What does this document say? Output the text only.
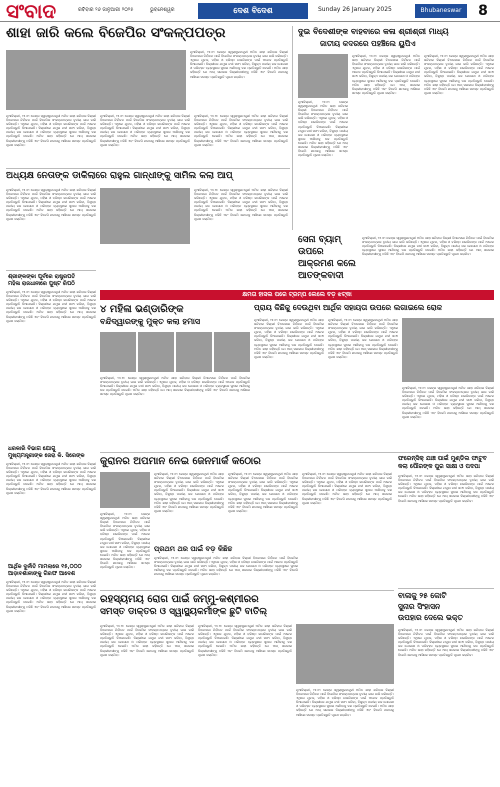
ସଂବାଦ	ରବିବାର ୨୬ ଜାନୁଆରୀ ୨୦୨୫	ଭୁବନେଶ୍ୱର	ଦେଶ ବିଦେଶ	Sunday 26 January 2025	Bhubaneswar	8
ଶାହା ଜାରି କଲେ ବିଜେପିର ସଂକଳ୍ପପତ୍ର
ନୂଆଦିଲ୍ଲୀ, ୨୫।୧: କେନ୍ଦ୍ର ସ୍ୱରାଷ୍ଟ୍ରମନ୍ତ୍ରୀ ଅମିତ ଶାହା ଶନିବାର ଦିଲ୍ଲୀ ବିଧାନସଭା ନିର୍ବାଚନ ପାଇଁ ବିଜେପିର ସଂକଳ୍ପପତ୍ରର ତୃତୀୟ ଭାଗ ଜାରି କରିଛନ୍ତି। ଏଥିରେ ଯୁବକ, ମହିଳା ଓ ବରିଷ୍ଠ ନାଗରିକଙ୍କ ପାଇଁ ଅନେକ ପ୍ରତିଶ୍ରୁତି ଦିଆଯାଇଛି। ଦିଲ୍ଲୀରେ ଯମୁନା ନଦୀ ସଫା କରିବା, ବିଶୁଦ୍ଧ ପାନୀୟ ଜଳ ଯୋଗାଣ ଓ ପରିବହନ ବ୍ୟବସ୍ଥାରେ ସୁଧାର ଆଣିବାକୁ ଦଳ ପ୍ରତିଶ୍ରୁତି ଦେଇଛି। ଅମିତ ଶାହା କହିଛନ୍ତି ଯେ ଆପ୍‌ ସରକାର ଦିଲ୍ଲୀବାସୀଙ୍କୁ ଠକିଛି ଏବଂ ବିଜେପି କ୍ଷମତାକୁ ଆସିଲେ ସମସ୍ତ ପ୍ରତିଶ୍ରୁତି ପୂରଣ କରାଯିବ।
ନୂଆଦିଲ୍ଲୀ, ୨୫।୧: କେନ୍ଦ୍ର ସ୍ୱରାଷ୍ଟ୍ରମନ୍ତ୍ରୀ ଅମିତ ଶାହା ଶନିବାର ଦିଲ୍ଲୀ ବିଧାନସଭା ନିର୍ବାଚନ ପାଇଁ ବିଜେପିର ସଂକଳ୍ପପତ୍ରର ତୃତୀୟ ଭାଗ ଜାରି କରିଛନ୍ତି। ଏଥିରେ ଯୁବକ, ମହିଳା ଓ ବରିଷ୍ଠ ନାଗରିକଙ୍କ ପାଇଁ ଅନେକ ପ୍ରତିଶ୍ରୁତି ଦିଆଯାଇଛି। ଦିଲ୍ଲୀରେ ଯମୁନା ନଦୀ ସଫା କରିବା, ବିଶୁଦ୍ଧ ପାନୀୟ ଜଳ ଯୋଗାଣ ଓ ପରିବହନ ବ୍ୟବସ୍ଥାରେ ସୁଧାର ଆଣିବାକୁ ଦଳ ପ୍ରତିଶ୍ରୁତି ଦେଇଛି। ଅମିତ ଶାହା କହିଛନ୍ତି ଯେ ଆପ୍‌ ସରକାର ଦିଲ୍ଲୀବାସୀଙ୍କୁ ଠକିଛି ଏବଂ ବିଜେପି କ୍ଷମତାକୁ ଆସିଲେ ସମସ୍ତ ପ୍ରତିଶ୍ରୁତି ପୂରଣ କରାଯିବ।
ନୂଆଦିଲ୍ଲୀ, ୨୫।୧: କେନ୍ଦ୍ର ସ୍ୱରାଷ୍ଟ୍ରମନ୍ତ୍ରୀ ଅମିତ ଶାହା ଶନିବାର ଦିଲ୍ଲୀ ବିଧାନସଭା ନିର୍ବାଚନ ପାଇଁ ବିଜେପିର ସଂକଳ୍ପପତ୍ରର ତୃତୀୟ ଭାଗ ଜାରି କରିଛନ୍ତି। ଏଥିରେ ଯୁବକ, ମହିଳା ଓ ବରିଷ୍ଠ ନାଗରିକଙ୍କ ପାଇଁ ଅନେକ ପ୍ରତିଶ୍ରୁତି ଦିଆଯାଇଛି। ଦିଲ୍ଲୀରେ ଯମୁନା ନଦୀ ସଫା କରିବା, ବିଶୁଦ୍ଧ ପାନୀୟ ଜଳ ଯୋଗାଣ ଓ ପରିବହନ ବ୍ୟବସ୍ଥାରେ ସୁଧାର ଆଣିବାକୁ ଦଳ ପ୍ରତିଶ୍ରୁତି ଦେଇଛି। ଅମିତ ଶାହା କହିଛନ୍ତି ଯେ ଆପ୍‌ ସରକାର ଦିଲ୍ଲୀବାସୀଙ୍କୁ ଠକିଛି ଏବଂ ବିଜେପି କ୍ଷମତାକୁ ଆସିଲେ ସମସ୍ତ ପ୍ରତିଶ୍ରୁତି ପୂରଣ କରାଯିବ।
ନୂଆଦିଲ୍ଲୀ, ୨୫।୧: କେନ୍ଦ୍ର ସ୍ୱରାଷ୍ଟ୍ରମନ୍ତ୍ରୀ ଅମିତ ଶାହା ଶନିବାର ଦିଲ୍ଲୀ ବିଧାନସଭା ନିର୍ବାଚନ ପାଇଁ ବିଜେପିର ସଂକଳ୍ପପତ୍ରର ତୃତୀୟ ଭାଗ ଜାରି କରିଛନ୍ତି। ଏଥିରେ ଯୁବକ, ମହିଳା ଓ ବରିଷ୍ଠ ନାଗରିକଙ୍କ ପାଇଁ ଅନେକ ପ୍ରତିଶ୍ରୁତି ଦିଆଯାଇଛି। ଦିଲ୍ଲୀରେ ଯମୁନା ନଦୀ ସଫା କରିବା, ବିଶୁଦ୍ଧ ପାନୀୟ ଜଳ ଯୋଗାଣ ଓ ପରିବହନ ବ୍ୟବସ୍ଥାରେ ସୁଧାର ଆଣିବାକୁ ଦଳ ପ୍ରତିଶ୍ରୁତି ଦେଇଛି। ଅମିତ ଶାହା କହିଛନ୍ତି ଯେ ଆପ୍‌ ସରକାର ଦିଲ୍ଲୀବାସୀଙ୍କୁ ଠକିଛି ଏବଂ ବିଜେପି କ୍ଷମତାକୁ ଆସିଲେ ସମସ୍ତ ପ୍ରତିଶ୍ରୁତି ପୂରଣ କରାଯିବ।
ଦୁଇ ବିଦେଶୀଙ୍କ ବାହବାରେ କଳା ଶ୍ରୀଶ୍ରୀ ମାଧ୍ୟ
ଜାତୀୟ କଦରରେ ପହଞ୍ଚିଲେ ୟୁପିଏ
ନୂଆଦିଲ୍ଲୀ, ୨୫।୧: କେନ୍ଦ୍ର ସ୍ୱରାଷ୍ଟ୍ରମନ୍ତ୍ରୀ ଅମିତ ଶାହା ଶନିବାର ଦିଲ୍ଲୀ ବିଧାନସଭା ନିର୍ବାଚନ ପାଇଁ ବିଜେପିର ସଂକଳ୍ପପତ୍ରର ତୃତୀୟ ଭାଗ ଜାରି କରିଛନ୍ତି। ଏଥିରେ ଯୁବକ, ମହିଳା ଓ ବରିଷ୍ଠ ନାଗରିକଙ୍କ ପାଇଁ ଅନେକ ପ୍ରତିଶ୍ରୁତି ଦିଆଯାଇଛି। ଦିଲ୍ଲୀରେ ଯମୁନା ନଦୀ ସଫା କରିବା, ବିଶୁଦ୍ଧ ପାନୀୟ ଜଳ ଯୋଗାଣ ଓ ପରିବହନ ବ୍ୟବସ୍ଥାରେ ସୁଧାର ଆଣିବାକୁ ଦଳ ପ୍ରତିଶ୍ରୁତି ଦେଇଛି। ଅମିତ ଶାହା କହିଛନ୍ତି ଯେ ଆପ୍‌ ସରକାର ଦିଲ୍ଲୀବାସୀଙ୍କୁ ଠକିଛି ଏବଂ ବିଜେପି କ୍ଷମତାକୁ ଆସିଲେ ସମସ୍ତ ପ୍ରତିଶ୍ରୁତି ପୂରଣ କରାଯିବ।
ନୂଆଦିଲ୍ଲୀ, ୨୫।୧: କେନ୍ଦ୍ର ସ୍ୱରାଷ୍ଟ୍ରମନ୍ତ୍ରୀ ଅମିତ ଶାହା ଶନିବାର ଦିଲ୍ଲୀ ବିଧାନସଭା ନିର୍ବାଚନ ପାଇଁ ବିଜେପିର ସଂକଳ୍ପପତ୍ରର ତୃତୀୟ ଭାଗ ଜାରି କରିଛନ୍ତି। ଏଥିରେ ଯୁବକ, ମହିଳା ଓ ବରିଷ୍ଠ ନାଗରିକଙ୍କ ପାଇଁ ଅନେକ ପ୍ରତିଶ୍ରୁତି ଦିଆଯାଇଛି। ଦିଲ୍ଲୀରେ ଯମୁନା ନଦୀ ସଫା କରିବା, ବିଶୁଦ୍ଧ ପାନୀୟ ଜଳ ଯୋଗାଣ ଓ ପରିବହନ ବ୍ୟବସ୍ଥାରେ ସୁଧାର ଆଣିବାକୁ ଦଳ ପ୍ରତିଶ୍ରୁତି ଦେଇଛି। ଅମିତ ଶାହା କହିଛନ୍ତି ଯେ ଆପ୍‌ ସରକାର ଦିଲ୍ଲୀବାସୀଙ୍କୁ ଠକିଛି ଏବଂ ବିଜେପି କ୍ଷମତାକୁ ଆସିଲେ ସମସ୍ତ ପ୍ରତିଶ୍ରୁତି ପୂରଣ କରାଯିବ।
ନୂଆଦିଲ୍ଲୀ, ୨୫।୧: କେନ୍ଦ୍ର ସ୍ୱରାଷ୍ଟ୍ରମନ୍ତ୍ରୀ ଅମିତ ଶାହା ଶନିବାର ଦିଲ୍ଲୀ ବିଧାନସଭା ନିର୍ବାଚନ ପାଇଁ ବିଜେପିର ସଂକଳ୍ପପତ୍ରର ତୃତୀୟ ଭାଗ ଜାରି କରିଛନ୍ତି। ଏଥିରେ ଯୁବକ, ମହିଳା ଓ ବରିଷ୍ଠ ନାଗରିକଙ୍କ ପାଇଁ ଅନେକ ପ୍ରତିଶ୍ରୁତି ଦିଆଯାଇଛି। ଦିଲ୍ଲୀରେ ଯମୁନା ନଦୀ ସଫା କରିବା, ବିଶୁଦ୍ଧ ପାନୀୟ ଜଳ ଯୋଗାଣ ଓ ପରିବହନ ବ୍ୟବସ୍ଥାରେ ସୁଧାର ଆଣିବାକୁ ଦଳ ପ୍ରତିଶ୍ରୁତି ଦେଇଛି। ଅମିତ ଶାହା କହିଛନ୍ତି ଯେ ଆପ୍‌ ସରକାର ଦିଲ୍ଲୀବାସୀଙ୍କୁ ଠକିଛି ଏବଂ ବିଜେପି କ୍ଷମତାକୁ ଆସିଲେ ସମସ୍ତ ପ୍ରତିଶ୍ରୁତି ପୂରଣ କରାଯିବ।
ଅଧ୍ୟକ୍ଷ ନେତାଙ୍କ ଡାକିଲାରେ ରାହୁଲ ଗାନ୍ଧୀଙ୍କୁ ସାମିଲ କଲା ଆପ୍‌
ନୂଆଦିଲ୍ଲୀ, ୨୫।୧: କେନ୍ଦ୍ର ସ୍ୱରାଷ୍ଟ୍ରମନ୍ତ୍ରୀ ଅମିତ ଶାହା ଶନିବାର ଦିଲ୍ଲୀ ବିଧାନସଭା ନିର୍ବାଚନ ପାଇଁ ବିଜେପିର ସଂକଳ୍ପପତ୍ରର ତୃତୀୟ ଭାଗ ଜାରି କରିଛନ୍ତି। ଏଥିରେ ଯୁବକ, ମହିଳା ଓ ବରିଷ୍ଠ ନାଗରିକଙ୍କ ପାଇଁ ଅନେକ ପ୍ରତିଶ୍ରୁତି ଦିଆଯାଇଛି। ଦିଲ୍ଲୀରେ ଯମୁନା ନଦୀ ସଫା କରିବା, ବିଶୁଦ୍ଧ ପାନୀୟ ଜଳ ଯୋଗାଣ ଓ ପରିବହନ ବ୍ୟବସ୍ଥାରେ ସୁଧାର ଆଣିବାକୁ ଦଳ ପ୍ରତିଶ୍ରୁତି ଦେଇଛି। ଅମିତ ଶାହା କହିଛନ୍ତି ଯେ ଆପ୍‌ ସରକାର ଦିଲ୍ଲୀବାସୀଙ୍କୁ ଠକିଛି ଏବଂ ବିଜେପି କ୍ଷମତାକୁ ଆସିଲେ ସମସ୍ତ ପ୍ରତିଶ୍ରୁତି ପୂରଣ କରାଯିବ।
ନୂଆଦିଲ୍ଲୀ, ୨୫।୧: କେନ୍ଦ୍ର ସ୍ୱରାଷ୍ଟ୍ରମନ୍ତ୍ରୀ ଅମିତ ଶାହା ଶନିବାର ଦିଲ୍ଲୀ ବିଧାନସଭା ନିର୍ବାଚନ ପାଇଁ ବିଜେପିର ସଂକଳ୍ପପତ୍ରର ତୃତୀୟ ଭାଗ ଜାରି କରିଛନ୍ତି। ଏଥିରେ ଯୁବକ, ମହିଳା ଓ ବରିଷ୍ଠ ନାଗରିକଙ୍କ ପାଇଁ ଅନେକ ପ୍ରତିଶ୍ରୁତି ଦିଆଯାଇଛି। ଦିଲ୍ଲୀରେ ଯମୁନା ନଦୀ ସଫା କରିବା, ବିଶୁଦ୍ଧ ପାନୀୟ ଜଳ ଯୋଗାଣ ଓ ପରିବହନ ବ୍ୟବସ୍ଥାରେ ସୁଧାର ଆଣିବାକୁ ଦଳ ପ୍ରତିଶ୍ରୁତି ଦେଇଛି। ଅମିତ ଶାହା କହିଛନ୍ତି ଯେ ଆପ୍‌ ସରକାର ଦିଲ୍ଲୀବାସୀଙ୍କୁ ଠକିଛି ଏବଂ ବିଜେପି କ୍ଷମତାକୁ ଆସିଲେ ସମସ୍ତ ପ୍ରତିଶ୍ରୁତି ପୂରଣ କରାଯିବ।
ଶ୍ରୀଙ୍କଙ୍କା ପୂର୍ବରେ ରାଷ୍ଟ୍ରପତି
ମହିଳା ରାଜଧାନୀରେ ପୁଷ୍ଟ ରିପଠି
ନୂଆଦିଲ୍ଲୀ, ୨୫।୧: କେନ୍ଦ୍ର ସ୍ୱରାଷ୍ଟ୍ରମନ୍ତ୍ରୀ ଅମିତ ଶାହା ଶନିବାର ଦିଲ୍ଲୀ ବିଧାନସଭା ନିର୍ବାଚନ ପାଇଁ ବିଜେପିର ସଂକଳ୍ପପତ୍ରର ତୃତୀୟ ଭାଗ ଜାରି କରିଛନ୍ତି। ଏଥିରେ ଯୁବକ, ମହିଳା ଓ ବରିଷ୍ଠ ନାଗରିକଙ୍କ ପାଇଁ ଅନେକ ପ୍ରତିଶ୍ରୁତି ଦିଆଯାଇଛି। ଦିଲ୍ଲୀରେ ଯମୁନା ନଦୀ ସଫା କରିବା, ବିଶୁଦ୍ଧ ପାନୀୟ ଜଳ ଯୋଗାଣ ଓ ପରିବହନ ବ୍ୟବସ୍ଥାରେ ସୁଧାର ଆଣିବାକୁ ଦଳ ପ୍ରତିଶ୍ରୁତି ଦେଇଛି। ଅମିତ ଶାହା କହିଛନ୍ତି ଯେ ଆପ୍‌ ସରକାର ଦିଲ୍ଲୀବାସୀଙ୍କୁ ଠକିଛି ଏବଂ ବିଜେପି କ୍ଷମତାକୁ ଆସିଲେ ସମସ୍ତ ପ୍ରତିଶ୍ରୁତି ପୂରଣ କରାଯିବ।
ସେନା ବ୍ୟାମ୍‌
ଉପରେ
ଆକ୍ରମଣ କଲେ
ଆତଙ୍କବାଦୀ
ନୂଆଦିଲ୍ଲୀ, ୨୫।୧: କେନ୍ଦ୍ର ସ୍ୱରାଷ୍ଟ୍ରମନ୍ତ୍ରୀ ଅମିତ ଶାହା ଶନିବାର ଦିଲ୍ଲୀ ବିଧାନସଭା ନିର୍ବାଚନ ପାଇଁ ବିଜେପିର ସଂକଳ୍ପପତ୍ରର ତୃତୀୟ ଭାଗ ଜାରି କରିଛନ୍ତି। ଏଥିରେ ଯୁବକ, ମହିଳା ଓ ବରିଷ୍ଠ ନାଗରିକଙ୍କ ପାଇଁ ଅନେକ ପ୍ରତିଶ୍ରୁତି ଦିଆଯାଇଛି। ଦିଲ୍ଲୀରେ ଯମୁନା ନଦୀ ସଫା କରିବା, ବିଶୁଦ୍ଧ ପାନୀୟ ଜଳ ଯୋଗାଣ ଓ ପରିବହନ ବ୍ୟବସ୍ଥାରେ ସୁଧାର ଆଣିବାକୁ ଦଳ ପ୍ରତିଶ୍ରୁତି ଦେଇଛି। ଅମିତ ଶାହା କହିଛନ୍ତି ଯେ ଆପ୍‌ ସରକାର ଦିଲ୍ଲୀବାସୀଙ୍କୁ ଠକିଛି ଏବଂ ବିଜେପି କ୍ଷମତାକୁ ଆସିଲେ ସମସ୍ତ ପ୍ରତିଶ୍ରୁତି ପୂରଣ କରାଯିବ।
କ୍ଷମତା ହାସଲ ପରେ ଟ୍ରମ୍ପ ଲେଲେ ବଡ଼ ଝଟ୍‌କା
୪ ମହିଳା ଭଣ୍ଡାରିଙ୍କ
ବନ୍ଦିଦ୍ୱାରଙ୍କୁ ମୁକ୍ତ କଲା ହମାସ
ନୂଆଦିଲ୍ଲୀ, ୨୫।୧: କେନ୍ଦ୍ର ସ୍ୱରାଷ୍ଟ୍ରମନ୍ତ୍ରୀ ଅମିତ ଶାହା ଶନିବାର ଦିଲ୍ଲୀ ବିଧାନସଭା ନିର୍ବାଚନ ପାଇଁ ବିଜେପିର ସଂକଳ୍ପପତ୍ରର ତୃତୀୟ ଭାଗ ଜାରି କରିଛନ୍ତି। ଏଥିରେ ଯୁବକ, ମହିଳା ଓ ବରିଷ୍ଠ ନାଗରିକଙ୍କ ପାଇଁ ଅନେକ ପ୍ରତିଶ୍ରୁତି ଦିଆଯାଇଛି। ଦିଲ୍ଲୀରେ ଯମୁନା ନଦୀ ସଫା କରିବା, ବିଶୁଦ୍ଧ ପାନୀୟ ଜଳ ଯୋଗାଣ ଓ ପରିବହନ ବ୍ୟବସ୍ଥାରେ ସୁଧାର ଆଣିବାକୁ ଦଳ ପ୍ରତିଶ୍ରୁତି ଦେଇଛି। ଅମିତ ଶାହା କହିଛନ୍ତି ଯେ ଆପ୍‌ ସରକାର ଦିଲ୍ଲୀବାସୀଙ୍କୁ ଠକିଛି ଏବଂ ବିଜେପି କ୍ଷମତାକୁ ଆସିଲେ ସମସ୍ତ ପ୍ରତିଶ୍ରୁତି ପୂରଣ କରାଯିବ।
ପ୍ରାୟ କିଛିକୁ ଦେଉଥିବା ଆର୍ଥିକ ସହାୟତା ଉପରେ ଲଗାଇଲେ ରୋକ
ନୂଆଦିଲ୍ଲୀ, ୨୫।୧: କେନ୍ଦ୍ର ସ୍ୱରାଷ୍ଟ୍ରମନ୍ତ୍ରୀ ଅମିତ ଶାହା ଶନିବାର ଦିଲ୍ଲୀ ବିଧାନସଭା ନିର୍ବାଚନ ପାଇଁ ବିଜେପିର ସଂକଳ୍ପପତ୍ରର ତୃତୀୟ ଭାଗ ଜାରି କରିଛନ୍ତି। ଏଥିରେ ଯୁବକ, ମହିଳା ଓ ବରିଷ୍ଠ ନାଗରିକଙ୍କ ପାଇଁ ଅନେକ ପ୍ରତିଶ୍ରୁତି ଦିଆଯାଇଛି। ଦିଲ୍ଲୀରେ ଯମୁନା ନଦୀ ସଫା କରିବା, ବିଶୁଦ୍ଧ ପାନୀୟ ଜଳ ଯୋଗାଣ ଓ ପରିବହନ ବ୍ୟବସ୍ଥାରେ ସୁଧାର ଆଣିବାକୁ ଦଳ ପ୍ରତିଶ୍ରୁତି ଦେଇଛି। ଅମିତ ଶାହା କହିଛନ୍ତି ଯେ ଆପ୍‌ ସରକାର ଦିଲ୍ଲୀବାସୀଙ୍କୁ ଠକିଛି ଏବଂ ବିଜେପି କ୍ଷମତାକୁ ଆସିଲେ ସମସ୍ତ ପ୍ରତିଶ୍ରୁତି ପୂରଣ କରାଯିବ।
ନୂଆଦିଲ୍ଲୀ, ୨୫।୧: କେନ୍ଦ୍ର ସ୍ୱରାଷ୍ଟ୍ରମନ୍ତ୍ରୀ ଅମିତ ଶାହା ଶନିବାର ଦିଲ୍ଲୀ ବିଧାନସଭା ନିର୍ବାଚନ ପାଇଁ ବିଜେପିର ସଂକଳ୍ପପତ୍ରର ତୃତୀୟ ଭାଗ ଜାରି କରିଛନ୍ତି। ଏଥିରେ ଯୁବକ, ମହିଳା ଓ ବରିଷ୍ଠ ନାଗରିକଙ୍କ ପାଇଁ ଅନେକ ପ୍ରତିଶ୍ରୁତି ଦିଆଯାଇଛି। ଦିଲ୍ଲୀରେ ଯମୁନା ନଦୀ ସଫା କରିବା, ବିଶୁଦ୍ଧ ପାନୀୟ ଜଳ ଯୋଗାଣ ଓ ପରିବହନ ବ୍ୟବସ୍ଥାରେ ସୁଧାର ଆଣିବାକୁ ଦଳ ପ୍ରତିଶ୍ରୁତି ଦେଇଛି। ଅମିତ ଶାହା କହିଛନ୍ତି ଯେ ଆପ୍‌ ସରକାର ଦିଲ୍ଲୀବାସୀଙ୍କୁ ଠକିଛି ଏବଂ ବିଜେପି କ୍ଷମତାକୁ ଆସିଲେ ସମସ୍ତ ପ୍ରତିଶ୍ରୁତି ପୂରଣ କରାଯିବ।
ନୂଆଦିଲ୍ଲୀ, ୨୫।୧: କେନ୍ଦ୍ର ସ୍ୱରାଷ୍ଟ୍ରମନ୍ତ୍ରୀ ଅମିତ ଶାହା ଶନିବାର ଦିଲ୍ଲୀ ବିଧାନସଭା ନିର୍ବାଚନ ପାଇଁ ବିଜେପିର ସଂକଳ୍ପପତ୍ରର ତୃତୀୟ ଭାଗ ଜାରି କରିଛନ୍ତି। ଏଥିରେ ଯୁବକ, ମହିଳା ଓ ବରିଷ୍ଠ ନାଗରିକଙ୍କ ପାଇଁ ଅନେକ ପ୍ରତିଶ୍ରୁତି ଦିଆଯାଇଛି। ଦିଲ୍ଲୀରେ ଯମୁନା ନଦୀ ସଫା କରିବା, ବିଶୁଦ୍ଧ ପାନୀୟ ଜଳ ଯୋଗାଣ ଓ ପରିବହନ ବ୍ୟବସ୍ଥାରେ ସୁଧାର ଆଣିବାକୁ ଦଳ ପ୍ରତିଶ୍ରୁତି ଦେଇଛି। ଅମିତ ଶାହା କହିଛନ୍ତି ଯେ ଆପ୍‌ ସରକାର ଦିଲ୍ଲୀବାସୀଙ୍କୁ ଠକିଛି ଏବଂ ବିଜେପି କ୍ଷମତାକୁ ଆସିଲେ ସମସ୍ତ ପ୍ରତିଶ୍ରୁତି ପୂରଣ କରାଯିବ।
ଧରକାରି ବିଭାଗ ଯୋଗୁ
ମୁଖ୍ୟମନ୍ତ୍ରୀଙ୍କ ଜେରା କି. ସିରେଙ୍କ
ନୂଆଦିଲ୍ଲୀ, ୨୫।୧: କେନ୍ଦ୍ର ସ୍ୱରାଷ୍ଟ୍ରମନ୍ତ୍ରୀ ଅମିତ ଶାହା ଶନିବାର ଦିଲ୍ଲୀ ବିଧାନସଭା ନିର୍ବାଚନ ପାଇଁ ବିଜେପିର ସଂକଳ୍ପପତ୍ରର ତୃତୀୟ ଭାଗ ଜାରି କରିଛନ୍ତି। ଏଥିରେ ଯୁବକ, ମହିଳା ଓ ବରିଷ୍ଠ ନାଗରିକଙ୍କ ପାଇଁ ଅନେକ ପ୍ରତିଶ୍ରୁତି ଦିଆଯାଇଛି। ଦିଲ୍ଲୀରେ ଯମୁନା ନଦୀ ସଫା କରିବା, ବିଶୁଦ୍ଧ ପାନୀୟ ଜଳ ଯୋଗାଣ ଓ ପରିବହନ ବ୍ୟବସ୍ଥାରେ ସୁଧାର ଆଣିବାକୁ ଦଳ ପ୍ରତିଶ୍ରୁତି ଦେଇଛି। ଅମିତ ଶାହା କହିଛନ୍ତି ଯେ ଆପ୍‌ ସରକାର ଦିଲ୍ଲୀବାସୀଙ୍କୁ ଠକିଛି ଏବଂ ବିଜେପି କ୍ଷମତାକୁ ଆସିଲେ ସମସ୍ତ ପ୍ରତିଶ୍ରୁତି ପୂରଣ କରାଯିବ।
କୁରାନର ଅପମାନ ନେଇ ଜେନମାର୍କ କଠୋର
ନୂଆଦିଲ୍ଲୀ, ୨୫।୧: କେନ୍ଦ୍ର ସ୍ୱରାଷ୍ଟ୍ରମନ୍ତ୍ରୀ ଅମିତ ଶାହା ଶନିବାର ଦିଲ୍ଲୀ ବିଧାନସଭା ନିର୍ବାଚନ ପାଇଁ ବିଜେପିର ସଂକଳ୍ପପତ୍ରର ତୃତୀୟ ଭାଗ ଜାରି କରିଛନ୍ତି। ଏଥିରେ ଯୁବକ, ମହିଳା ଓ ବରିଷ୍ଠ ନାଗରିକଙ୍କ ପାଇଁ ଅନେକ ପ୍ରତିଶ୍ରୁତି ଦିଆଯାଇଛି। ଦିଲ୍ଲୀରେ ଯମୁନା ନଦୀ ସଫା କରିବା, ବିଶୁଦ୍ଧ ପାନୀୟ ଜଳ ଯୋଗାଣ ଓ ପରିବହନ ବ୍ୟବସ୍ଥାରେ ସୁଧାର ଆଣିବାକୁ ଦଳ ପ୍ରତିଶ୍ରୁତି ଦେଇଛି। ଅମିତ ଶାହା କହିଛନ୍ତି ଯେ ଆପ୍‌ ସରକାର ଦିଲ୍ଲୀବାସୀଙ୍କୁ ଠକିଛି ଏବଂ ବିଜେପି କ୍ଷମତାକୁ ଆସିଲେ ସମସ୍ତ ପ୍ରତିଶ୍ରୁତି ପୂରଣ କରାଯିବ।
ନୂଆଦିଲ୍ଲୀ, ୨୫।୧: କେନ୍ଦ୍ର ସ୍ୱରାଷ୍ଟ୍ରମନ୍ତ୍ରୀ ଅମିତ ଶାହା ଶନିବାର ଦିଲ୍ଲୀ ବିଧାନସଭା ନିର୍ବାଚନ ପାଇଁ ବିଜେପିର ସଂକଳ୍ପପତ୍ରର ତୃତୀୟ ଭାଗ ଜାରି କରିଛନ୍ତି। ଏଥିରେ ଯୁବକ, ମହିଳା ଓ ବରିଷ୍ଠ ନାଗରିକଙ୍କ ପାଇଁ ଅନେକ ପ୍ରତିଶ୍ରୁତି ଦିଆଯାଇଛି। ଦିଲ୍ଲୀରେ ଯମୁନା ନଦୀ ସଫା କରିବା, ବିଶୁଦ୍ଧ ପାନୀୟ ଜଳ ଯୋଗାଣ ଓ ପରିବହନ ବ୍ୟବସ୍ଥାରେ ସୁଧାର ଆଣିବାକୁ ଦଳ ପ୍ରତିଶ୍ରୁତି ଦେଇଛି। ଅମିତ ଶାହା କହିଛନ୍ତି ଯେ ଆପ୍‌ ସରକାର ଦିଲ୍ଲୀବାସୀଙ୍କୁ ଠକିଛି ଏବଂ ବିଜେପି କ୍ଷମତାକୁ ଆସିଲେ ସମସ୍ତ ପ୍ରତିଶ୍ରୁତି ପୂରଣ କରାଯିବ।
ନୂଆଦିଲ୍ଲୀ, ୨୫।୧: କେନ୍ଦ୍ର ସ୍ୱରାଷ୍ଟ୍ରମନ୍ତ୍ରୀ ଅମିତ ଶାହା ଶନିବାର ଦିଲ୍ଲୀ ବିଧାନସଭା ନିର୍ବାଚନ ପାଇଁ ବିଜେପିର ସଂକଳ୍ପପତ୍ରର ତୃତୀୟ ଭାଗ ଜାରି କରିଛନ୍ତି। ଏଥିରେ ଯୁବକ, ମହିଳା ଓ ବରିଷ୍ଠ ନାଗରିକଙ୍କ ପାଇଁ ଅନେକ ପ୍ରତିଶ୍ରୁତି ଦିଆଯାଇଛି। ଦିଲ୍ଲୀରେ ଯମୁନା ନଦୀ ସଫା କରିବା, ବିଶୁଦ୍ଧ ପାନୀୟ ଜଳ ଯୋଗାଣ ଓ ପରିବହନ ବ୍ୟବସ୍ଥାରେ ସୁଧାର ଆଣିବାକୁ ଦଳ ପ୍ରତିଶ୍ରୁତି ଦେଇଛି। ଅମିତ ଶାହା କହିଛନ୍ତି ଯେ ଆପ୍‌ ସରକାର ଦିଲ୍ଲୀବାସୀଙ୍କୁ ଠକିଛି ଏବଂ ବିଜେପି କ୍ଷମତାକୁ ଆସିଲେ ସମସ୍ତ ପ୍ରତିଶ୍ରୁତି ପୂରଣ କରାଯିବ।
ଫରେନ୍ସିକ୍‌ ଯାଞ୍ଚ ପାଇଁ ମୁଣ୍ଡିଲ ଫାଟୁବ
କଲା ପୌରଙ୍କ ପୁର ସାକ୍ଷୀ ଓ ପଦପା
ନୂଆଦିଲ୍ଲୀ, ୨୫।୧: କେନ୍ଦ୍ର ସ୍ୱରାଷ୍ଟ୍ରମନ୍ତ୍ରୀ ଅମିତ ଶାହା ଶନିବାର ଦିଲ୍ଲୀ ବିଧାନସଭା ନିର୍ବାଚନ ପାଇଁ ବିଜେପିର ସଂକଳ୍ପପତ୍ରର ତୃତୀୟ ଭାଗ ଜାରି କରିଛନ୍ତି। ଏଥିରେ ଯୁବକ, ମହିଳା ଓ ବରିଷ୍ଠ ନାଗରିକଙ୍କ ପାଇଁ ଅନେକ ପ୍ରତିଶ୍ରୁତି ଦିଆଯାଇଛି। ଦିଲ୍ଲୀରେ ଯମୁନା ନଦୀ ସଫା କରିବା, ବିଶୁଦ୍ଧ ପାନୀୟ ଜଳ ଯୋଗାଣ ଓ ପରିବହନ ବ୍ୟବସ୍ଥାରେ ସୁଧାର ଆଣିବାକୁ ଦଳ ପ୍ରତିଶ୍ରୁତି ଦେଇଛି। ଅମିତ ଶାହା କହିଛନ୍ତି ଯେ ଆପ୍‌ ସରକାର ଦିଲ୍ଲୀବାସୀଙ୍କୁ ଠକିଛି ଏବଂ ବିଜେପି କ୍ଷମତାକୁ ଆସିଲେ ସମସ୍ତ ପ୍ରତିଶ୍ରୁତି ପୂରଣ କରାଯିବ।
ଆର୍ଥିକ ଦୁର୍ନୀତି ମାମଲାରେ ୧୫,୦୦୦
ଆଡ଼ାବଶାଳୀଙ୍କୁ ଗିରଫ ଆଦେଶ
ନୂଆଦିଲ୍ଲୀ, ୨୫।୧: କେନ୍ଦ୍ର ସ୍ୱରାଷ୍ଟ୍ରମନ୍ତ୍ରୀ ଅମିତ ଶାହା ଶନିବାର ଦିଲ୍ଲୀ ବିଧାନସଭା ନିର୍ବାଚନ ପାଇଁ ବିଜେପିର ସଂକଳ୍ପପତ୍ରର ତୃତୀୟ ଭାଗ ଜାରି କରିଛନ୍ତି। ଏଥିରେ ଯୁବକ, ମହିଳା ଓ ବରିଷ୍ଠ ନାଗରିକଙ୍କ ପାଇଁ ଅନେକ ପ୍ରତିଶ୍ରୁତି ଦିଆଯାଇଛି। ଦିଲ୍ଲୀରେ ଯମୁନା ନଦୀ ସଫା କରିବା, ବିଶୁଦ୍ଧ ପାନୀୟ ଜଳ ଯୋଗାଣ ଓ ପରିବହନ ବ୍ୟବସ୍ଥାରେ ସୁଧାର ଆଣିବାକୁ ଦଳ ପ୍ରତିଶ୍ରୁତି ଦେଇଛି। ଅମିତ ଶାହା କହିଛନ୍ତି ଯେ ଆପ୍‌ ସରକାର ଦିଲ୍ଲୀବାସୀଙ୍କୁ ଠକିଛି ଏବଂ ବିଜେପି କ୍ଷମତାକୁ ଆସିଲେ ସମସ୍ତ ପ୍ରତିଶ୍ରୁତି ପୂରଣ କରାଯିବ।
ପ୍ରଥମ ଥର ପାଇଁ ବଡ଼ କିଛିଚ୍ଚ
ନୂଆଦିଲ୍ଲୀ, ୨୫।୧: କେନ୍ଦ୍ର ସ୍ୱରାଷ୍ଟ୍ରମନ୍ତ୍ରୀ ଅମିତ ଶାହା ଶନିବାର ଦିଲ୍ଲୀ ବିଧାନସଭା ନିର୍ବାଚନ ପାଇଁ ବିଜେପିର ସଂକଳ୍ପପତ୍ରର ତୃତୀୟ ଭାଗ ଜାରି କରିଛନ୍ତି। ଏଥିରେ ଯୁବକ, ମହିଳା ଓ ବରିଷ୍ଠ ନାଗରିକଙ୍କ ପାଇଁ ଅନେକ ପ୍ରତିଶ୍ରୁତି ଦିଆଯାଇଛି। ଦିଲ୍ଲୀରେ ଯମୁନା ନଦୀ ସଫା କରିବା, ବିଶୁଦ୍ଧ ପାନୀୟ ଜଳ ଯୋଗାଣ ଓ ପରିବହନ ବ୍ୟବସ୍ଥାରେ ସୁଧାର ଆଣିବାକୁ ଦଳ ପ୍ରତିଶ୍ରୁତି ଦେଇଛି। ଅମିତ ଶାହା କହିଛନ୍ତି ଯେ ଆପ୍‌ ସରକାର ଦିଲ୍ଲୀବାସୀଙ୍କୁ ଠକିଛି ଏବଂ ବିଜେପି କ୍ଷମତାକୁ ଆସିଲେ ସମସ୍ତ ପ୍ରତିଶ୍ରୁତି ପୂରଣ କରାଯିବ।
ନୂଆଦିଲ୍ଲୀ, ୨୫।୧: କେନ୍ଦ୍ର ସ୍ୱରାଷ୍ଟ୍ରମନ୍ତ୍ରୀ ଅମିତ ଶାହା ଶନିବାର ଦିଲ୍ଲୀ ବିଧାନସଭା ନିର୍ବାଚନ ପାଇଁ ବିଜେପିର ସଂକଳ୍ପପତ୍ରର ତୃତୀୟ ଭାଗ ଜାରି କରିଛନ୍ତି। ଏଥିରେ ଯୁବକ, ମହିଳା ଓ ବରିଷ୍ଠ ନାଗରିକଙ୍କ ପାଇଁ ଅନେକ ପ୍ରତିଶ୍ରୁତି ଦିଆଯାଇଛି। ଦିଲ୍ଲୀରେ ଯମୁନା ନଦୀ ସଫା କରିବା, ବିଶୁଦ୍ଧ ପାନୀୟ ଜଳ ଯୋଗାଣ ଓ ପରିବହନ ବ୍ୟବସ୍ଥାରେ ସୁଧାର ଆଣିବାକୁ ଦଳ ପ୍ରତିଶ୍ରୁତି ଦେଇଛି। ଅମିତ ଶାହା କହିଛନ୍ତି ଯେ ଆପ୍‌ ସରକାର ଦିଲ୍ଲୀବାସୀଙ୍କୁ ଠକିଛି ଏବଂ ବିଜେପି କ୍ଷମତାକୁ ଆସିଲେ ସମସ୍ତ ପ୍ରତିଶ୍ରୁତି ପୂରଣ କରାଯିବ।
ରହସ୍ୟମୟ ରୋଗ ପାଇଁ ଜମ୍ମୁ-କଶ୍ମୀରର
ସମସ୍ତ ଡାକ୍ତର ଓ ସ୍ୱାସ୍ଥ୍ୟକର୍ମୀଙ୍କ ଛୁଟି ବାତିଲ୍‌
ନୂଆଦିଲ୍ଲୀ, ୨୫।୧: କେନ୍ଦ୍ର ସ୍ୱରାଷ୍ଟ୍ରମନ୍ତ୍ରୀ ଅମିତ ଶାହା ଶନିବାର ଦିଲ୍ଲୀ ବିଧାନସଭା ନିର୍ବାଚନ ପାଇଁ ବିଜେପିର ସଂକଳ୍ପପତ୍ରର ତୃତୀୟ ଭାଗ ଜାରି କରିଛନ୍ତି। ଏଥିରେ ଯୁବକ, ମହିଳା ଓ ବରିଷ୍ଠ ନାଗରିକଙ୍କ ପାଇଁ ଅନେକ ପ୍ରତିଶ୍ରୁତି ଦିଆଯାଇଛି। ଦିଲ୍ଲୀରେ ଯମୁନା ନଦୀ ସଫା କରିବା, ବିଶୁଦ୍ଧ ପାନୀୟ ଜଳ ଯୋଗାଣ ଓ ପରିବହନ ବ୍ୟବସ୍ଥାରେ ସୁଧାର ଆଣିବାକୁ ଦଳ ପ୍ରତିଶ୍ରୁତି ଦେଇଛି। ଅମିତ ଶାହା କହିଛନ୍ତି ଯେ ଆପ୍‌ ସରକାର ଦିଲ୍ଲୀବାସୀଙ୍କୁ ଠକିଛି ଏବଂ ବିଜେପି କ୍ଷମତାକୁ ଆସିଲେ ସମସ୍ତ ପ୍ରତିଶ୍ରୁତି ପୂରଣ କରାଯିବ।
ନୂଆଦିଲ୍ଲୀ, ୨୫।୧: କେନ୍ଦ୍ର ସ୍ୱରାଷ୍ଟ୍ରମନ୍ତ୍ରୀ ଅମିତ ଶାହା ଶନିବାର ଦିଲ୍ଲୀ ବିଧାନସଭା ନିର୍ବାଚନ ପାଇଁ ବିଜେପିର ସଂକଳ୍ପପତ୍ରର ତୃତୀୟ ଭାଗ ଜାରି କରିଛନ୍ତି। ଏଥିରେ ଯୁବକ, ମହିଳା ଓ ବରିଷ୍ଠ ନାଗରିକଙ୍କ ପାଇଁ ଅନେକ ପ୍ରତିଶ୍ରୁତି ଦିଆଯାଇଛି। ଦିଲ୍ଲୀରେ ଯମୁନା ନଦୀ ସଫା କରିବା, ବିଶୁଦ୍ଧ ପାନୀୟ ଜଳ ଯୋଗାଣ ଓ ପରିବହନ ବ୍ୟବସ୍ଥାରେ ସୁଧାର ଆଣିବାକୁ ଦଳ ପ୍ରତିଶ୍ରୁତି ଦେଇଛି। ଅମିତ ଶାହା କହିଛନ୍ତି ଯେ ଆପ୍‌ ସରକାର ଦିଲ୍ଲୀବାସୀଙ୍କୁ ଠକିଛି ଏବଂ ବିଜେପି କ୍ଷମତାକୁ ଆସିଲେ ସମସ୍ତ ପ୍ରତିଶ୍ରୁତି ପୂରଣ କରାଯିବ।
ନୂଆଦିଲ୍ଲୀ, ୨୫।୧: କେନ୍ଦ୍ର ସ୍ୱରାଷ୍ଟ୍ରମନ୍ତ୍ରୀ ଅମିତ ଶାହା ଶନିବାର ଦିଲ୍ଲୀ ବିଧାନସଭା ନିର୍ବାଚନ ପାଇଁ ବିଜେପିର ସଂକଳ୍ପପତ୍ରର ତୃତୀୟ ଭାଗ ଜାରି କରିଛନ୍ତି। ଏଥିରେ ଯୁବକ, ମହିଳା ଓ ବରିଷ୍ଠ ନାଗରିକଙ୍କ ପାଇଁ ଅନେକ ପ୍ରତିଶ୍ରୁତି ଦିଆଯାଇଛି। ଦିଲ୍ଲୀରେ ଯମୁନା ନଦୀ ସଫା କରିବା, ବିଶୁଦ୍ଧ ପାନୀୟ ଜଳ ଯୋଗାଣ ଓ ପରିବହନ ବ୍ୟବସ୍ଥାରେ ସୁଧାର ଆଣିବାକୁ ଦଳ ପ୍ରତିଶ୍ରୁତି ଦେଇଛି। ଅମିତ ଶାହା କହିଛନ୍ତି ଯେ ଆପ୍‌ ସରକାର ଦିଲ୍ଲୀବାସୀଙ୍କୁ ଠକିଛି ଏବଂ ବିଜେପି କ୍ଷମତାକୁ ଆସିଲେ ସମସ୍ତ ପ୍ରତିଶ୍ରୁତି ପୂରଣ କରାଯିବ।
ବାଳାକୁ ୨୫ କୋଟି
ସୁନାର ସିଂହାସନ
ଉପହାର ଦେଲେ ଭକ୍ତ
ନୂଆଦିଲ୍ଲୀ, ୨୫।୧: କେନ୍ଦ୍ର ସ୍ୱରାଷ୍ଟ୍ରମନ୍ତ୍ରୀ ଅମିତ ଶାହା ଶନିବାର ଦିଲ୍ଲୀ ବିଧାନସଭା ନିର୍ବାଚନ ପାଇଁ ବିଜେପିର ସଂକଳ୍ପପତ୍ରର ତୃତୀୟ ଭାଗ ଜାରି କରିଛନ୍ତି। ଏଥିରେ ଯୁବକ, ମହିଳା ଓ ବରିଷ୍ଠ ନାଗରିକଙ୍କ ପାଇଁ ଅନେକ ପ୍ରତିଶ୍ରୁତି ଦିଆଯାଇଛି। ଦିଲ୍ଲୀରେ ଯମୁନା ନଦୀ ସଫା କରିବା, ବିଶୁଦ୍ଧ ପାନୀୟ ଜଳ ଯୋଗାଣ ଓ ପରିବହନ ବ୍ୟବସ୍ଥାରେ ସୁଧାର ଆଣିବାକୁ ଦଳ ପ୍ରତିଶ୍ରୁତି ଦେଇଛି। ଅମିତ ଶାହା କହିଛନ୍ତି ଯେ ଆପ୍‌ ସରକାର ଦିଲ୍ଲୀବାସୀଙ୍କୁ ଠକିଛି ଏବଂ ବିଜେପି କ୍ଷମତାକୁ ଆସିଲେ ସମସ୍ତ ପ୍ରତିଶ୍ରୁତି ପୂରଣ କରାଯିବ।
